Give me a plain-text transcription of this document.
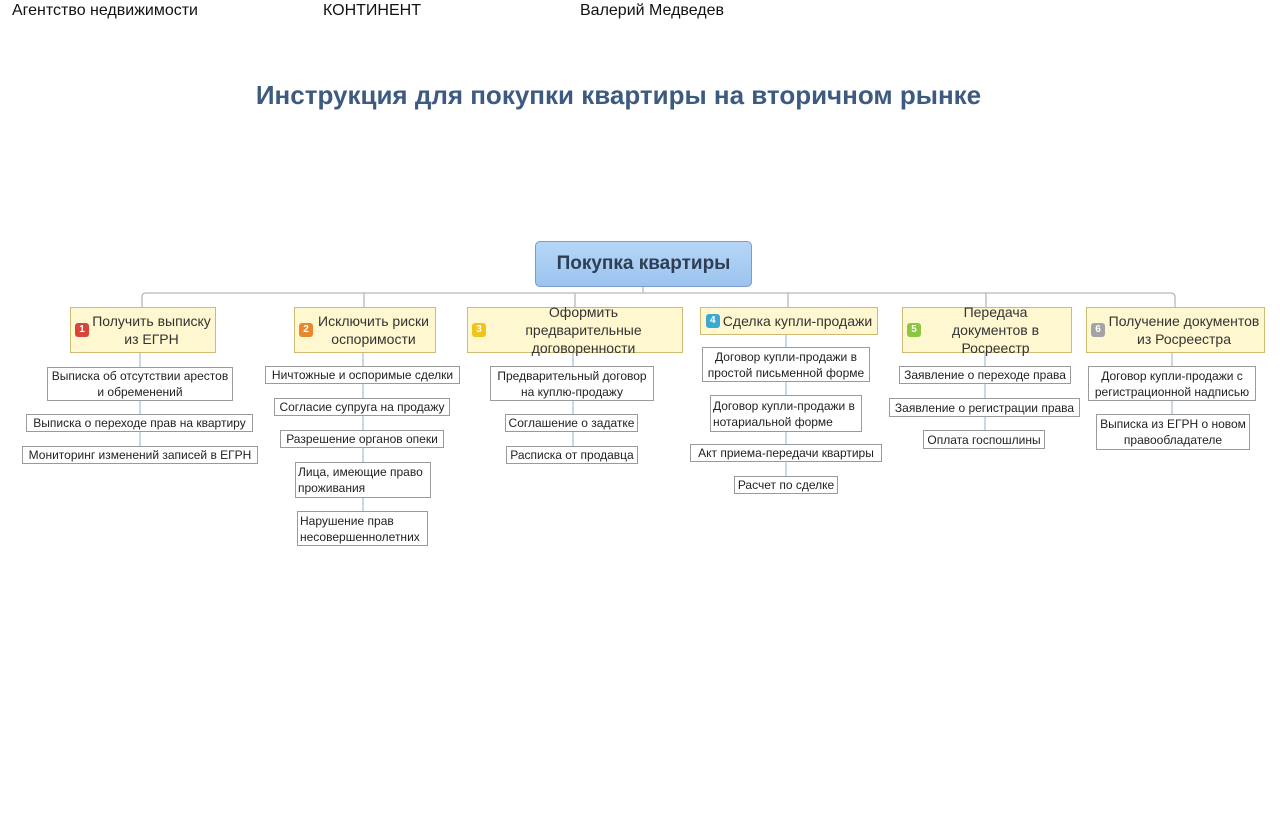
Агентство недвижимости	КОНТИНЕНТ	Валерий Медведев
Инструкция для покупки квартиры на вторичном рынке
Покупка квартиры
1
Получить выписку из ЕГРН
Выписка об отсутствии арестов и обременений
Выписка о переходе прав на квартиру
Мониторинг изменений записей в ЕГРН
2
Исключить риски оспоримости
Ничтожные и оспоримые сделки
Согласие супруга на продажу
Разрешение органов опеки
Лица, имеющие право проживания
Нарушение прав несовершеннолетних
3
Оформить предварительные договоренности
Предварительный договор на куплю-продажу
Соглашение о задатке
Расписка от продавца
4 Сделка купли-продажи
Договор купли-продажи в простой письменной форме
Договор купли-продажи в нотариальной форме
Акт приема-передачи квартиры
Расчет по сделке
5
Передача документов в Росреестр
Заявление о переходе права
Заявление о регистрации права
Оплата госпошлины
6
Получение документов из Росреестра
Договор купли-продажи с регистрационной надписью
Выписка из ЕГРН о новом правообладателе
